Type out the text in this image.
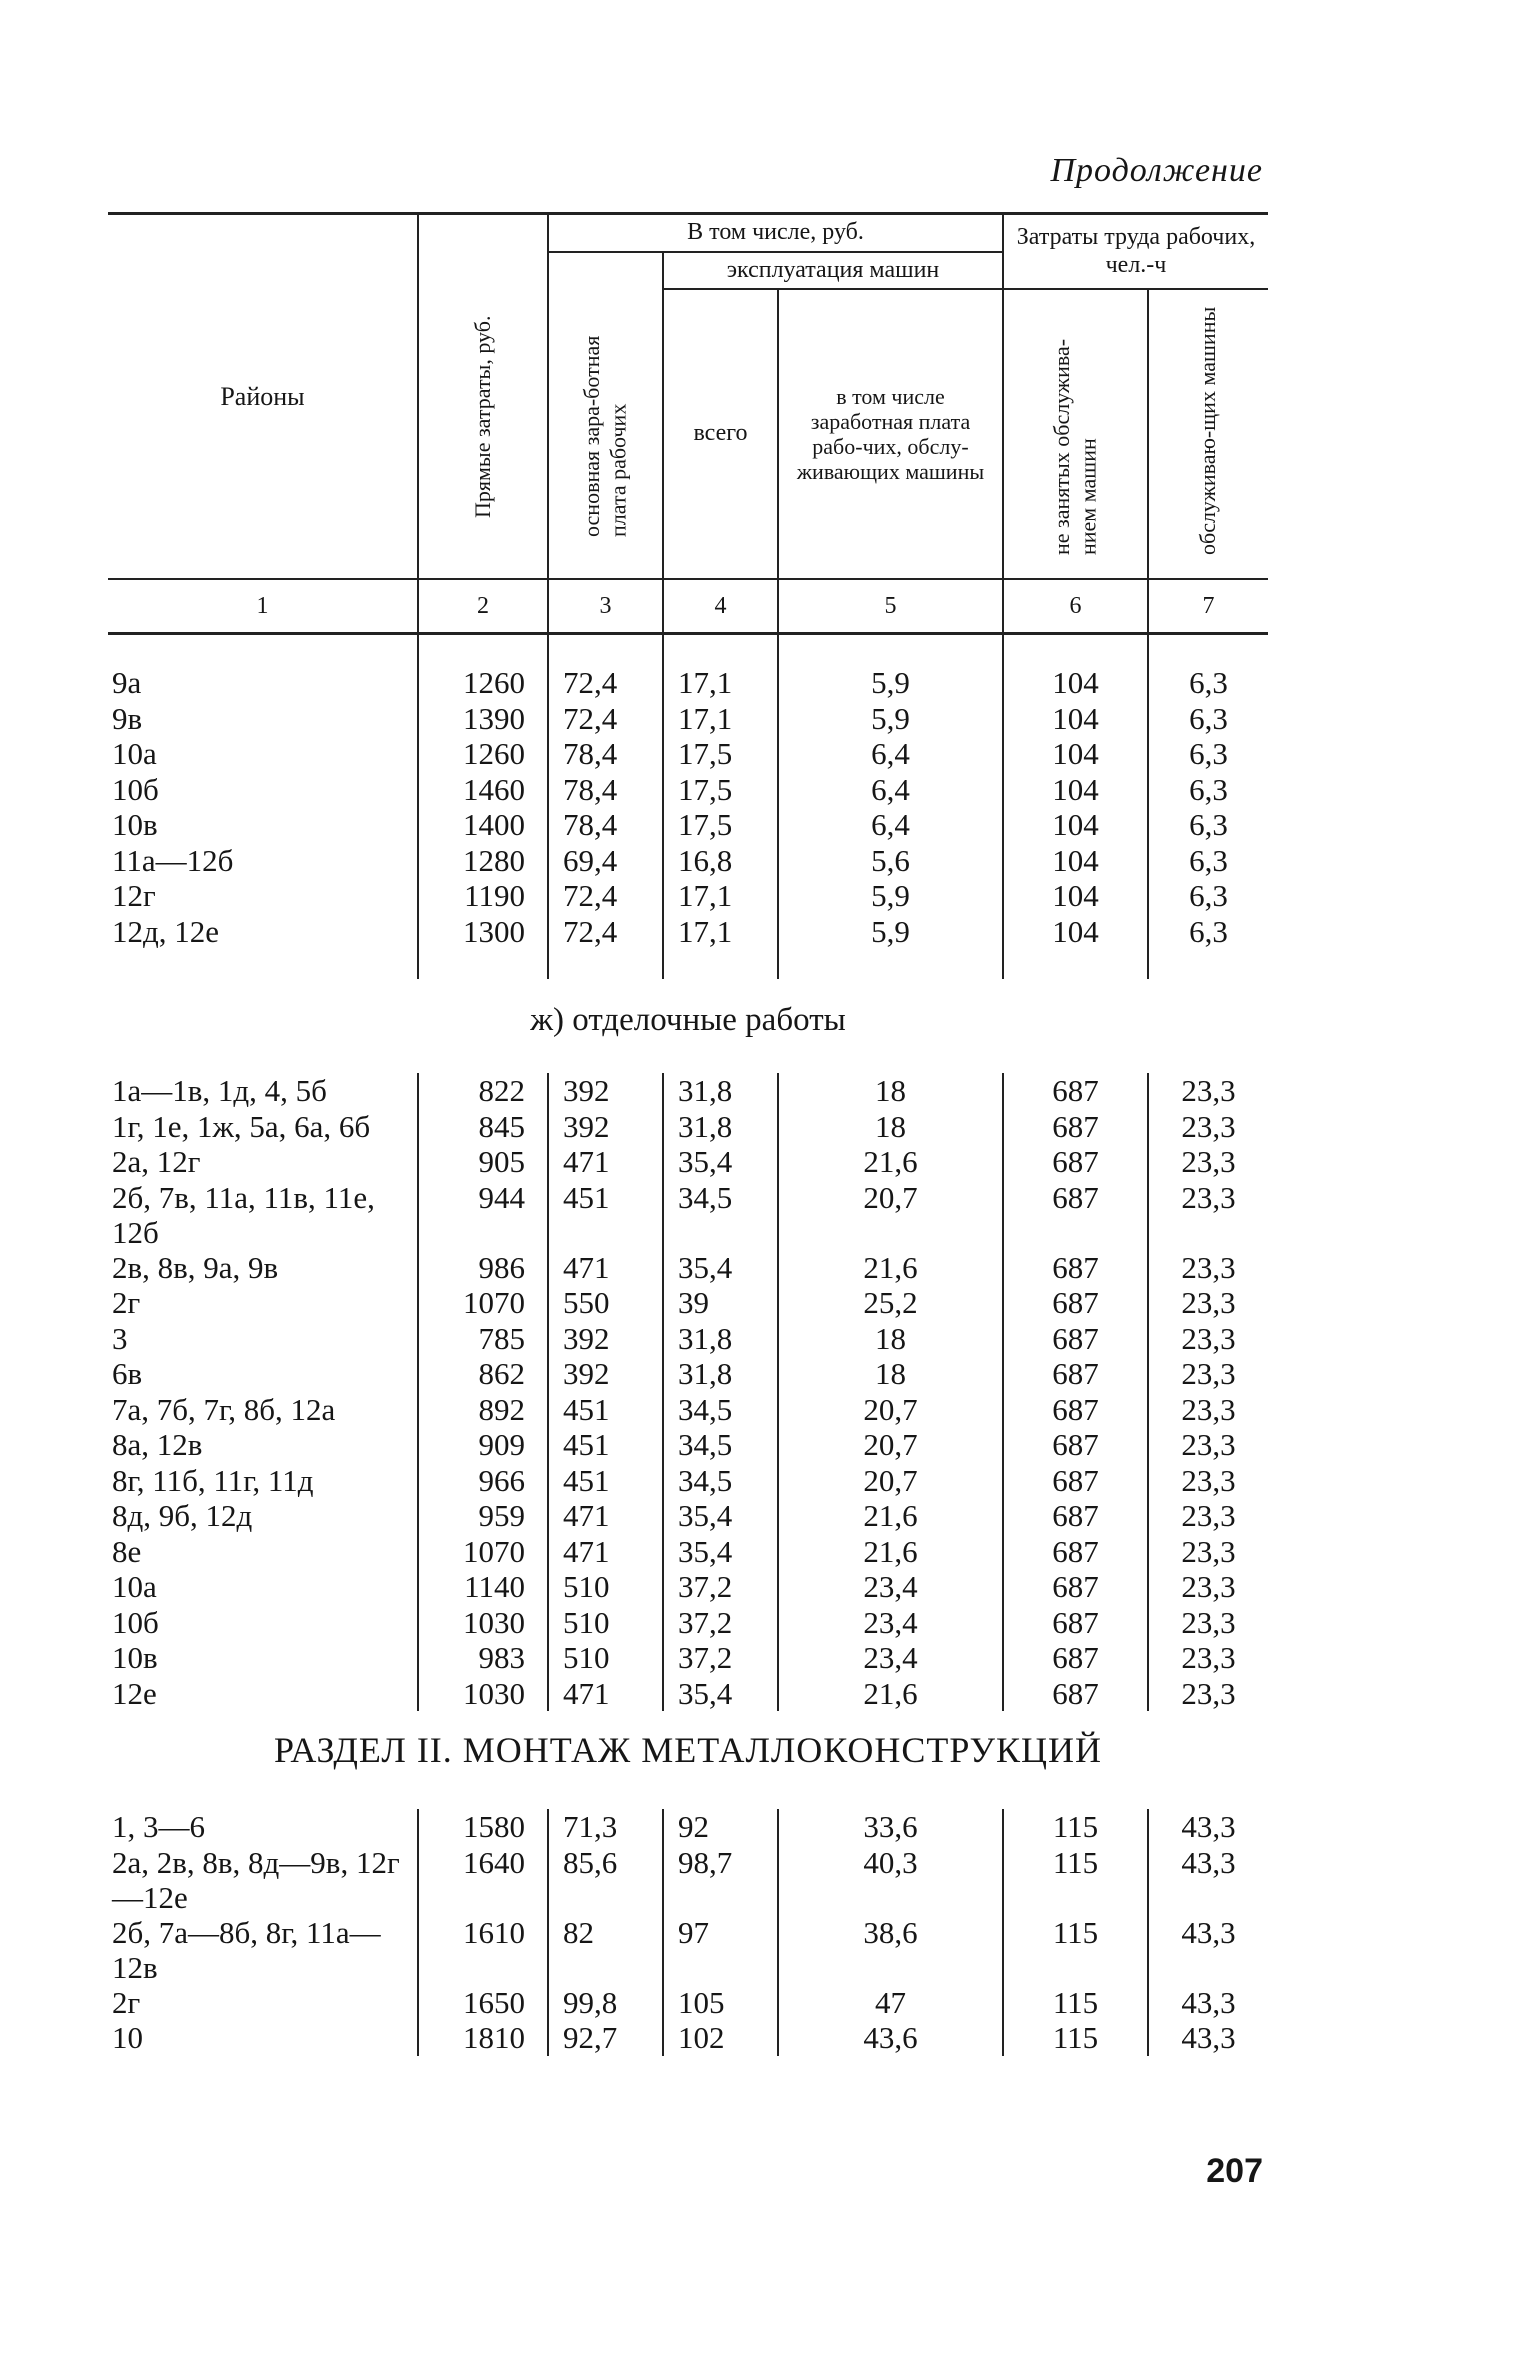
Продолжение
Районы	Прямые затраты, руб.	В том числе, руб.			Затраты труда рабочих, чел.-ч	
		основная зара-ботная плата рабочих	эксплуатация машин			
			всего	в том числе заработная плата рабо-чих, обслу-живающих машины	не занятых обслужива-нием машин	обслуживаю-щих машины
1	2	3	4	5	6	7

9а	1260	72,4	17,1	5,9	104	6,3
9в	1390	72,4	17,1	5,9	104	6,3
10а	1260	78,4	17,5	6,4	104	6,3
10б	1460	78,4	17,5	6,4	104	6,3
10в	1400	78,4	17,5	6,4	104	6,3
11а—12б	1280	69,4	16,8	5,6	104	6,3
12г	1190	72,4	17,1	5,9	104	6,3
12д, 12е	1300	72,4	17,1	5,9	104	6,3

ж) отделочные работы						
1а—1в, 1д, 4, 5б	822	392	31,8	18	687	23,3
1г, 1е, 1ж, 5а, 6а, 6б	845	392	31,8	18	687	23,3
2а, 12г	905	471	35,4	21,6	687	23,3
2б, 7в, 11а, 11в, 11е, 12б	944	451	34,5	20,7	687	23,3
2в, 8в, 9а, 9в	986	471	35,4	21,6	687	23,3
2г	1070	550	39	25,2	687	23,3
3	785	392	31,8	18	687	23,3
6в	862	392	31,8	18	687	23,3
7а, 7б, 7г, 8б, 12а	892	451	34,5	20,7	687	23,3
8а, 12в	909	451	34,5	20,7	687	23,3
8г, 11б, 11г, 11д	966	451	34,5	20,7	687	23,3
8д, 9б, 12д	959	471	35,4	21,6	687	23,3
8е	1070	471	35,4	21,6	687	23,3
10а	1140	510	37,2	23,4	687	23,3
10б	1030	510	37,2	23,4	687	23,3
10в	983	510	37,2	23,4	687	23,3
12е	1030	471	35,4	21,6	687	23,3
РАЗДЕЛ II. МОНТАЖ МЕТАЛЛОКОНСТРУКЦИЙ						
1, 3—6	1580	71,3	92	33,6	115	43,3
2а, 2в, 8в, 8д—9в, 12г—12е	1640	85,6	98,7	40,3	115	43,3
2б, 7а—8б, 8г, 11а—12в	1610	82	97	38,6	115	43,3
2г	1650	99,8	105	47	115	43,3
10	1810	92,7	102	43,6	115	43,3
207
